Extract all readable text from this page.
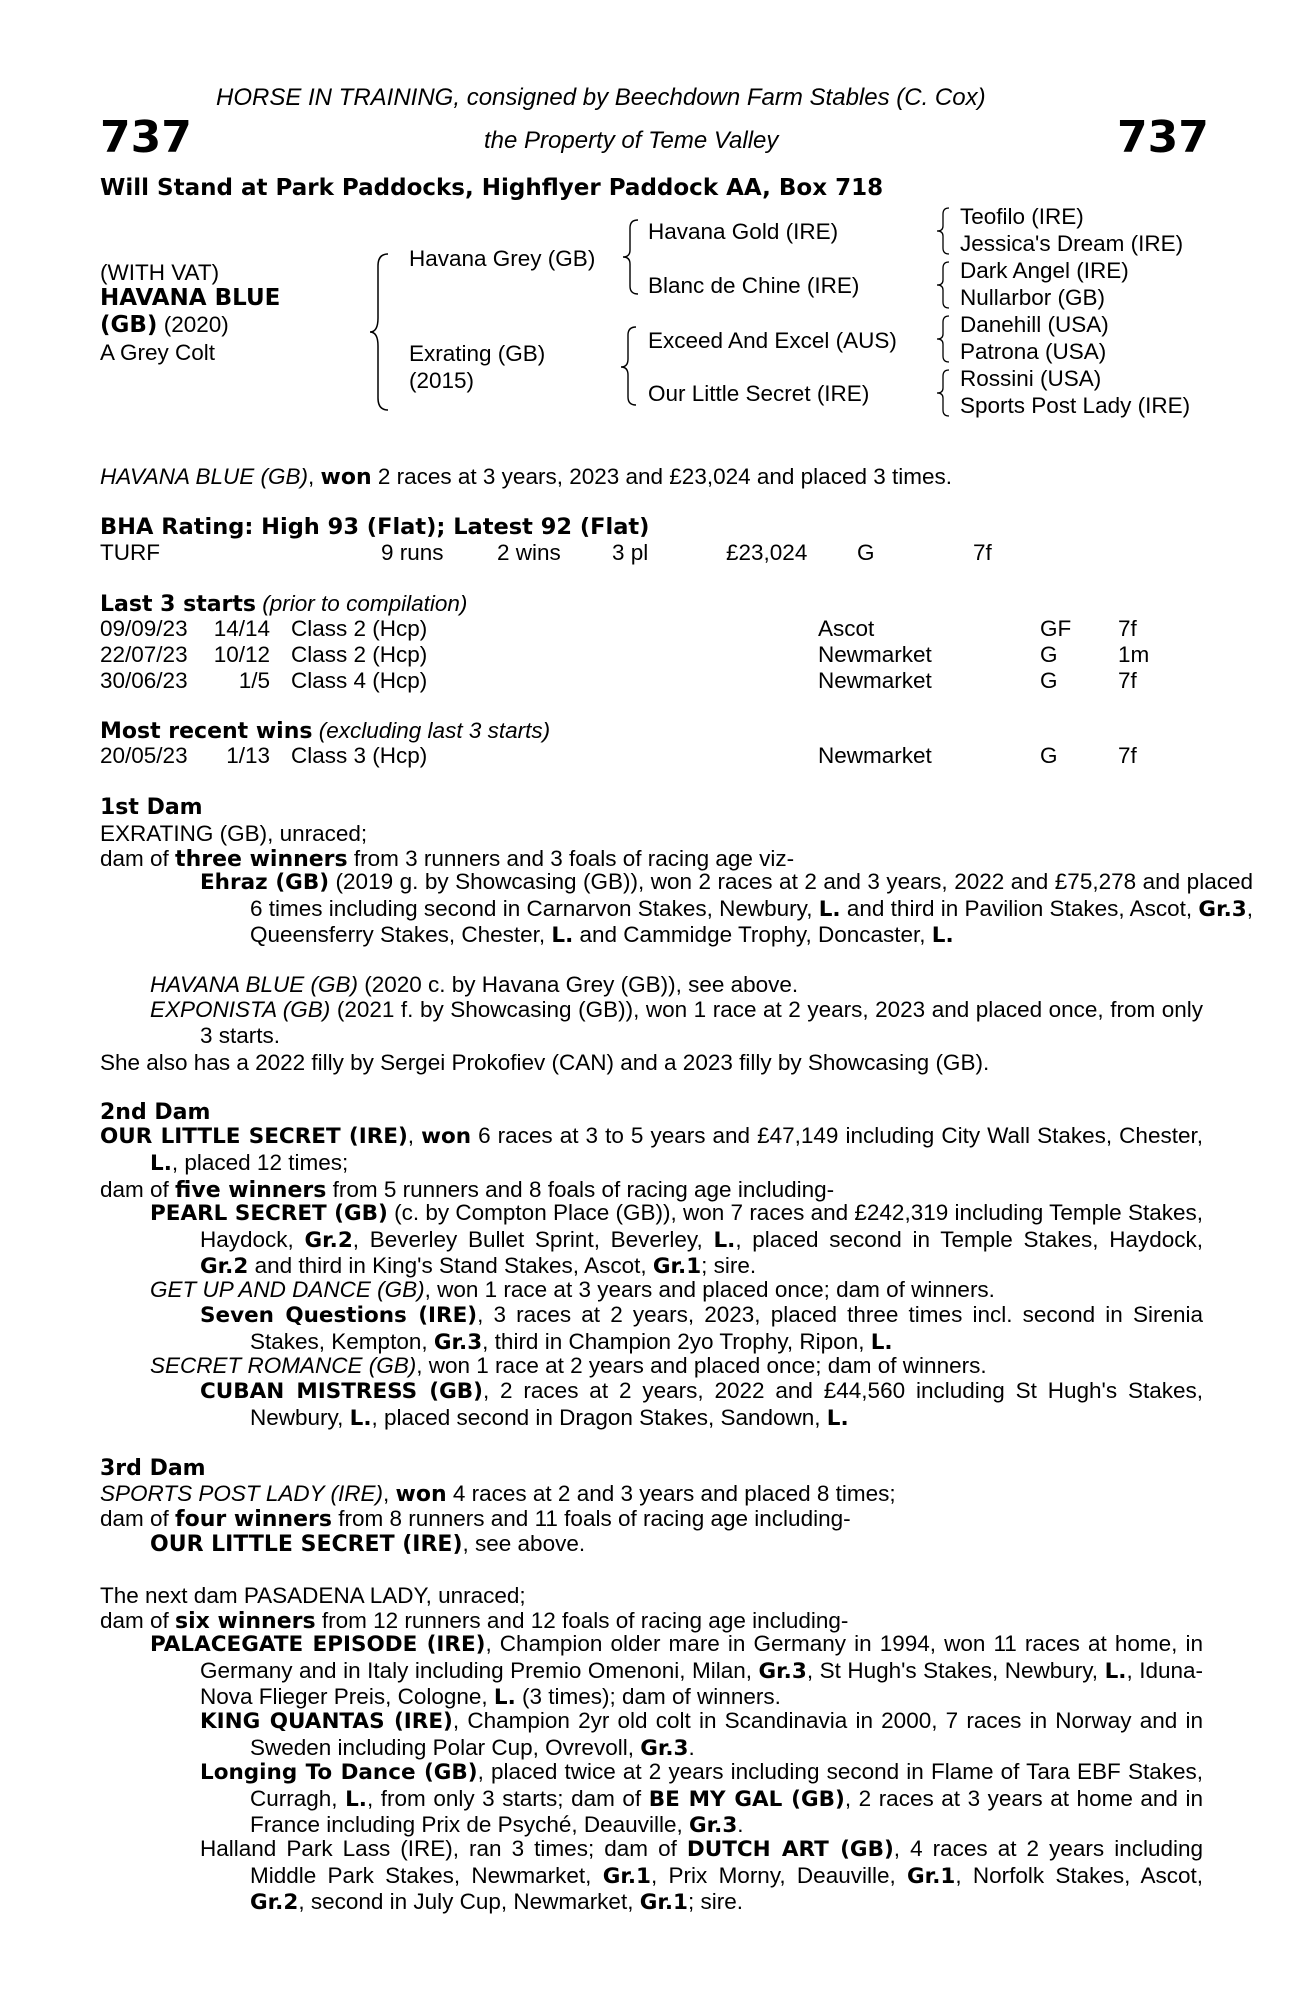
737	737
HORSE IN TRAINING, consigned by Beechdown Farm Stables (C. Cox)
the Property of Teme Valley
Will Stand at Park Paddocks, Highflyer Paddock AA, Box 718
(WITH VAT)
HAVANA BLUE
(GB) (2020)
A Grey Colt
Havana Grey (GB)
Exrating (GB)
(2015)
Havana Gold (IRE)
Blanc de Chine (IRE)
Exceed And Excel (AUS)
Our Little Secret (IRE)
Teofilo (IRE)
Jessica's Dream (IRE)
Dark Angel (IRE)
Nullarbor (GB)
Danehill (USA)
Patrona (USA)
Rossini (USA)
Sports Post Lady (IRE)
HAVANA BLUE (GB), won 2 races at 3 years, 2023 and £23,024 and placed 3 times.
BHA Rating: High 93 (Flat); Latest 92 (Flat)
TURF	9 runs 2 wins 3 pl	£23,024 G	7f
Last 3 starts (prior to compilation)
09/09/23 14/14 Class 2 (Hcp)	Ascot	GF 7f
22/07/23 10/12 Class 2 (Hcp)	Newmarket	G	1m
30/06/23 1/5 Class 4 (Hcp)	Newmarket	G	7f
Most recent wins (excluding last 3 starts)
20/05/23 1/13 Class 3 (Hcp)	Newmarket	G	7f
1st Dam
EXRATING (GB), unraced;
dam of three winners from 3 runners and 3 foals of racing age viz-
Ehraz (GB) (2019 g. by Showcasing (GB)), won 2 races at 2 and 3 years, 2022 and £75,278 and placed 6 times including second in Carnarvon Stakes, Newbury, L. and third in Pavilion Stakes, Ascot, Gr.3, Queensferry Stakes, Chester, L. and Cammidge Trophy, Doncaster, L.
HAVANA BLUE (GB) (2020 c. by Havana Grey (GB)), see above.
EXPONISTA (GB) (2021 f. by Showcasing (GB)), won 1 race at 2 years, 2023 and placed once, from only 3 starts.
She also has a 2022 filly by Sergei Prokofiev (CAN) and a 2023 filly by Showcasing (GB).
2nd Dam
OUR LITTLE SECRET (IRE), won 6 races at 3 to 5 years and £47,149 including City Wall Stakes, Chester, L., placed 12 times;
dam of five winners from 5 runners and 8 foals of racing age including-
PEARL SECRET (GB) (c. by Compton Place (GB)), won 7 races and £242,319 including Temple Stakes, Haydock, Gr.2, Beverley Bullet Sprint, Beverley, L., placed second in Temple Stakes, Haydock, Gr.2 and third in King's Stand Stakes, Ascot, Gr.1; sire.
GET UP AND DANCE (GB), won 1 race at 3 years and placed once; dam of winners.
Seven Questions (IRE), 3 races at 2 years, 2023, placed three times incl. second in Sirenia Stakes, Kempton, Gr.3, third in Champion 2yo Trophy, Ripon, L.
SECRET ROMANCE (GB), won 1 race at 2 years and placed once; dam of winners.
CUBAN MISTRESS (GB), 2 races at 2 years, 2022 and £44,560 including St Hugh's Stakes, Newbury, L., placed second in Dragon Stakes, Sandown, L.
3rd Dam
SPORTS POST LADY (IRE), won 4 races at 2 and 3 years and placed 8 times;
dam of four winners from 8 runners and 11 foals of racing age including-
OUR LITTLE SECRET (IRE), see above.
The next dam PASADENA LADY, unraced;
dam of six winners from 12 runners and 12 foals of racing age including-
PALACEGATE EPISODE (IRE), Champion older mare in Germany in 1994, won 11 races at home, in Germany and in Italy including Premio Omenoni, Milan, Gr.3, St Hugh's Stakes, Newbury, L., Iduna-Nova Flieger Preis, Cologne, L. (3 times); dam of winners.
KING QUANTAS (IRE), Champion 2yr old colt in Scandinavia in 2000, 7 races in Norway and in Sweden including Polar Cup, Ovrevoll, Gr.3.
Longing To Dance (GB), placed twice at 2 years including second in Flame of Tara EBF Stakes, Curragh, L., from only 3 starts; dam of BE MY GAL (GB), 2 races at 3 years at home and in France including Prix de Psyché, Deauville, Gr.3.
Halland Park Lass (IRE), ran 3 times; dam of DUTCH ART (GB), 4 races at 2 years including Middle Park Stakes, Newmarket, Gr.1, Prix Morny, Deauville, Gr.1, Norfolk Stakes, Ascot, Gr.2, second in July Cup, Newmarket, Gr.1; sire.
